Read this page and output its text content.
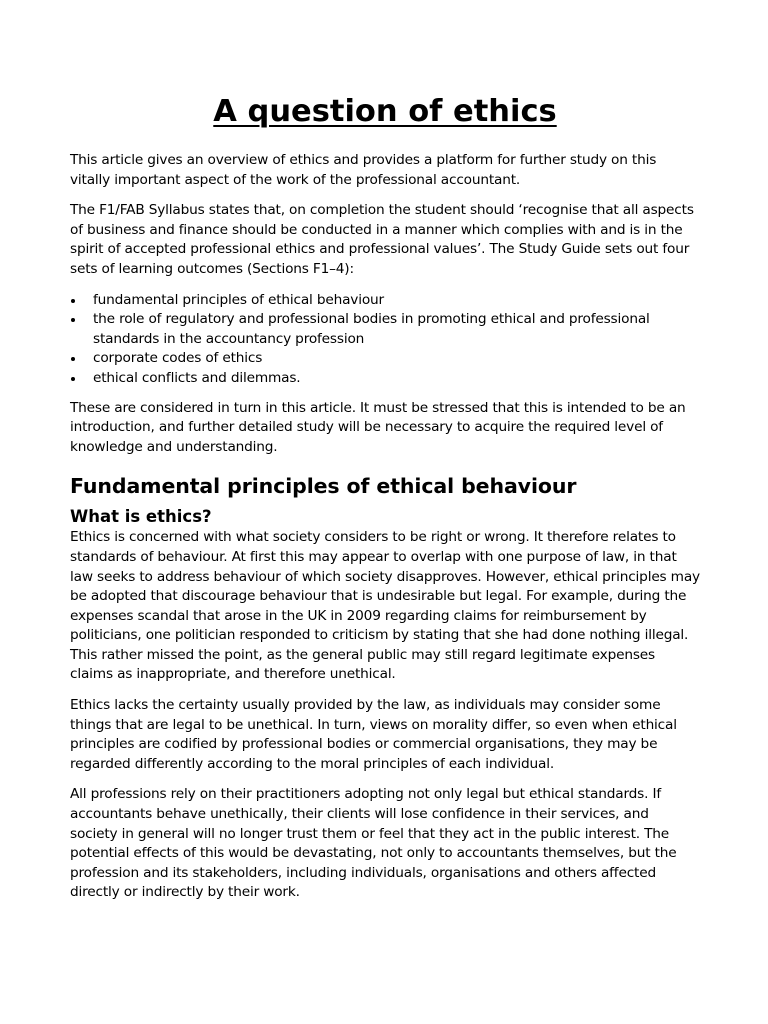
A question of ethics

This article gives an overview of ethics and provides a platform for further study on this vitally important aspect of the work of the professional accountant.

The F1/FAB Syllabus states that, on completion the student should ‘recognise that all aspects of business and finance should be conducted in a manner which complies with and is in the spirit of accepted professional ethics and professional values’. The Study Guide sets out four sets of learning outcomes (Sections F1–4):

fundamental principles of ethical behaviour
the role of regulatory and professional bodies in promoting ethical and professional standards in the accountancy profession
corporate codes of ethics
ethical conflicts and dilemmas.

These are considered in turn in this article. It must be stressed that this is intended to be an introduction, and further detailed study will be necessary to acquire the required level of knowledge and understanding.

Fundamental principles of ethical behaviour
What is ethics?

Ethics is concerned with what society considers to be right or wrong. It therefore relates to standards of behaviour. At first this may appear to overlap with one purpose of law, in that law seeks to address behaviour of which society disapproves. However, ethical principles may be adopted that discourage behaviour that is undesirable but legal. For example, during the expenses scandal that arose in the UK in 2009 regarding claims for reimbursement by politicians, one politician responded to criticism by stating that she had done nothing illegal. This rather missed the point, as the general public may still regard legitimate expenses claims as inappropriate, and therefore unethical.

Ethics lacks the certainty usually provided by the law, as individuals may consider some things that are legal to be unethical. In turn, views on morality differ, so even when ethical principles are codified by professional bodies or commercial organisations, they may be regarded differently according to the moral principles of each individual.

All professions rely on their practitioners adopting not only legal but ethical standards. If accountants behave unethically, their clients will lose confidence in their services, and society in general will no longer trust them or feel that they act in the public interest. The potential effects of this would be devastating, not only to accountants themselves, but the profession and its stakeholders, including individuals, organisations and others affected directly or indirectly by their work.
